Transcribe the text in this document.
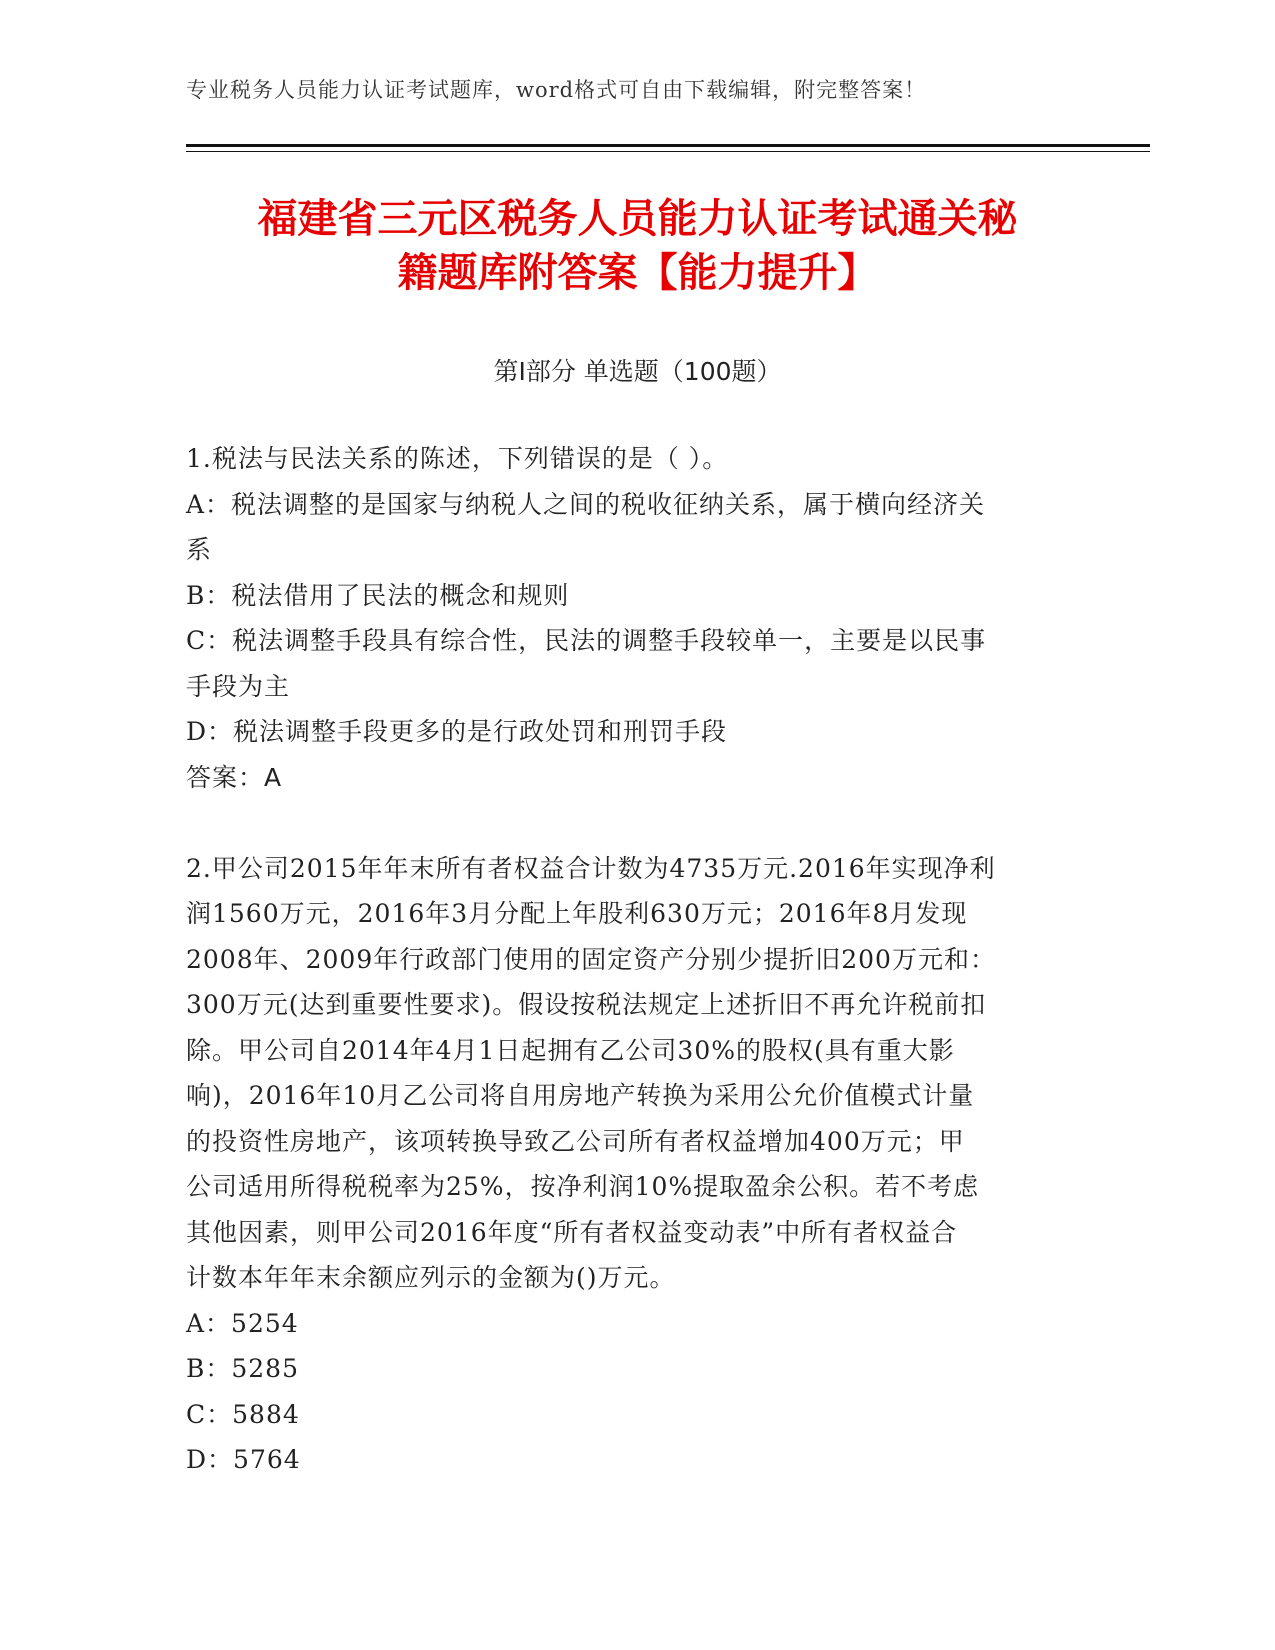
专业税务人员能力认证考试题库，word格式可自由下载编辑，附完整答案！
福建省三元区税务人员能力认证考试通关秘
籍题库附答案【能力提升】
第I部分 单选题（100题）
1.税法与民法关系的陈述，下列错误的是（ ）。
A：税法调整的是国家与纳税人之间的税收征纳关系，属于横向经济关
系
B：税法借用了民法的概念和规则
C：税法调整手段具有综合性，民法的调整手段较单一，主要是以民事
手段为主
D：税法调整手段更多的是行政处罚和刑罚手段
答案：A
2.甲公司2015年年末所有者权益合计数为4735万元.2016年实现净利
润1560万元，2016年3月分配上年股利630万元；2016年8月发现
2008年、2009年行政部门使用的固定资产分别少提折旧200万元和：
300万元(达到重要性要求)。假设按税法规定上述折旧不再允许税前扣
除。甲公司自2014年4月1日起拥有乙公司30%的股权(具有重大影
响)，2016年10月乙公司将自用房地产转换为采用公允价值模式计量
的投资性房地产，该项转换导致乙公司所有者权益增加400万元；甲
公司适用所得税税率为25%，按净利润10%提取盈余公积。若不考虑
其他因素，则甲公司2016年度“所有者权益变动表”中所有者权益合
计数本年年末余额应列示的金额为()万元。
A：5254
B：5285
C：5884
D：5764
